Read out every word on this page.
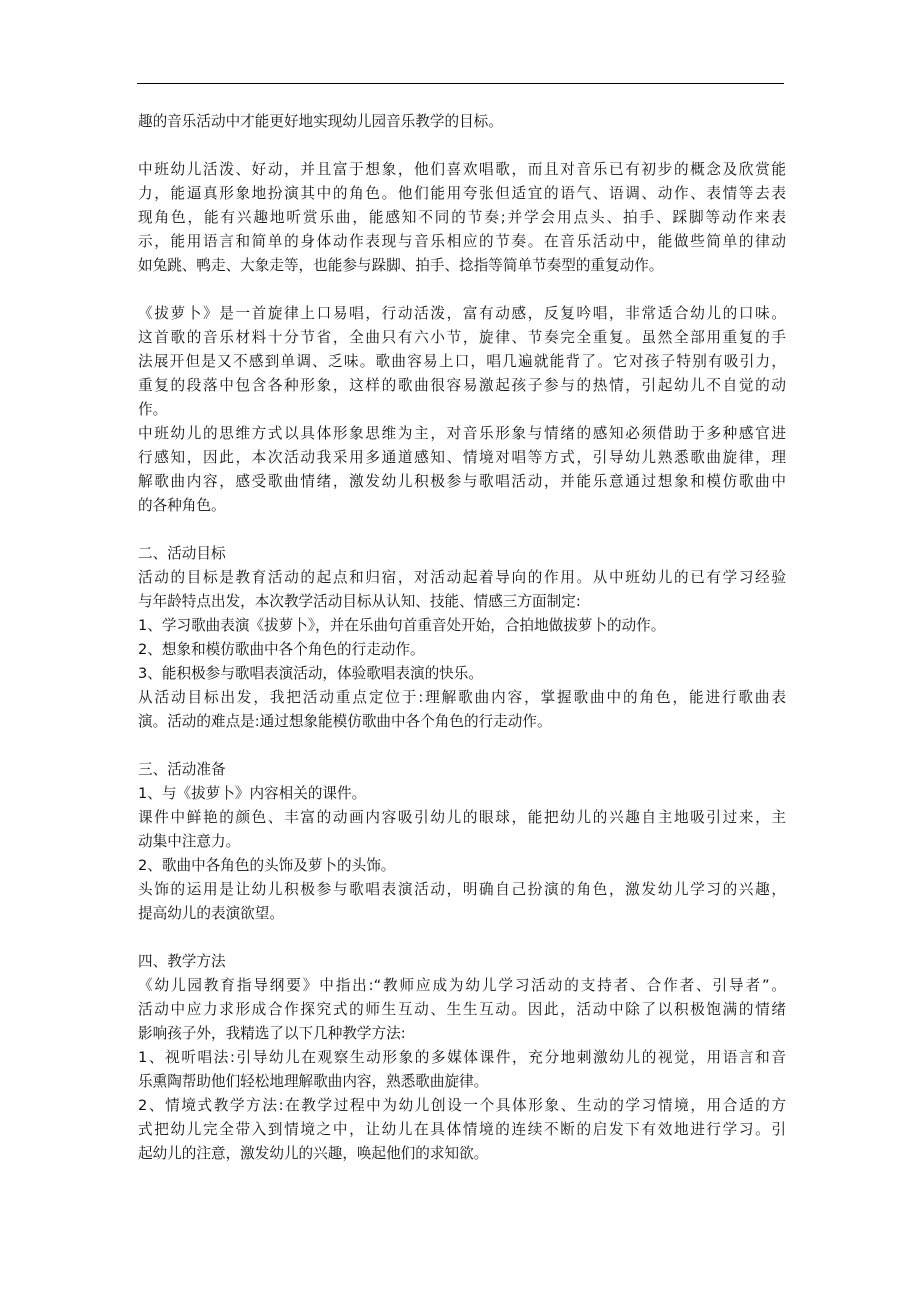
趣的音乐活动中才能更好地实现幼儿园音乐教学的目标。
中班幼儿活泼、好动，并且富于想象，他们喜欢唱歌，而且对音乐已有初步的概念及欣赏能
力，能逼真形象地扮演其中的角色。他们能用夸张但适宜的语气、语调、动作、表情等去表
现角色，能有兴趣地听赏乐曲，能感知不同的节奏;并学会用点头、拍手、踩脚等动作来表
示，能用语言和简单的身体动作表现与音乐相应的节奏。在音乐活动中，能做些简单的律动
如兔跳、鸭走、大象走等，也能参与跺脚、拍手、捻指等简单节奏型的重复动作。
《拔萝卜》是一首旋律上口易唱，行动活泼，富有动感，反复吟唱，非常适合幼儿的口味。
这首歌的音乐材料十分节省，全曲只有六小节，旋律、节奏完全重复。虽然全部用重复的手
法展开但是又不感到单调、乏味。歌曲容易上口，唱几遍就能背了。它对孩子特别有吸引力，
重复的段落中包含各种形象，这样的歌曲很容易激起孩子参与的热情，引起幼儿不自觉的动
作。
中班幼儿的思维方式以具体形象思维为主，对音乐形象与情绪的感知必须借助于多种感官进
行感知，因此，本次活动我采用多通道感知、情境对唱等方式，引导幼儿熟悉歌曲旋律，理
解歌曲内容，感受歌曲情绪，激发幼儿积极参与歌唱活动，并能乐意通过想象和模仿歌曲中
的各种角色。
二、活动目标
活动的目标是教育活动的起点和归宿，对活动起着导向的作用。从中班幼儿的已有学习经验
与年龄特点出发，本次教学活动目标从认知、技能、情感三方面制定:
1、学习歌曲表演《拔萝卜》，并在乐曲句首重音处开始，合拍地做拔萝卜的动作。
2、想象和模仿歌曲中各个角色的行走动作。
3、能积极参与歌唱表演活动，体验歌唱表演的快乐。
从活动目标出发，我把活动重点定位于:理解歌曲内容，掌握歌曲中的角色，能进行歌曲表
演。活动的难点是:通过想象能模仿歌曲中各个角色的行走动作。
三、活动准备
1、与《拔萝卜》内容相关的课件。
课件中鲜艳的颜色、丰富的动画内容吸引幼儿的眼球，能把幼儿的兴趣自主地吸引过来，主
动集中注意力。
2、歌曲中各角色的头饰及萝卜的头饰。
头饰的运用是让幼儿积极参与歌唱表演活动，明确自己扮演的角色，激发幼儿学习的兴趣，
提高幼儿的表演欲望。
四、教学方法
《幼儿园教育指导纲要》中指出:“教师应成为幼儿学习活动的支持者、合作者、引导者”。
活动中应力求形成合作探究式的师生互动、生生互动。因此，活动中除了以积极饱满的情绪
影响孩子外，我精选了以下几种教学方法:
1、视听唱法:引导幼儿在观察生动形象的多媒体课件，充分地刺激幼儿的视觉，用语言和音
乐熏陶帮助他们轻松地理解歌曲内容，熟悉歌曲旋律。
2、情境式教学方法:在教学过程中为幼儿创设一个具体形象、生动的学习情境，用合适的方
式把幼儿完全带入到情境之中，让幼儿在具体情境的连续不断的启发下有效地进行学习。引
起幼儿的注意，激发幼儿的兴趣，唤起他们的求知欲。
